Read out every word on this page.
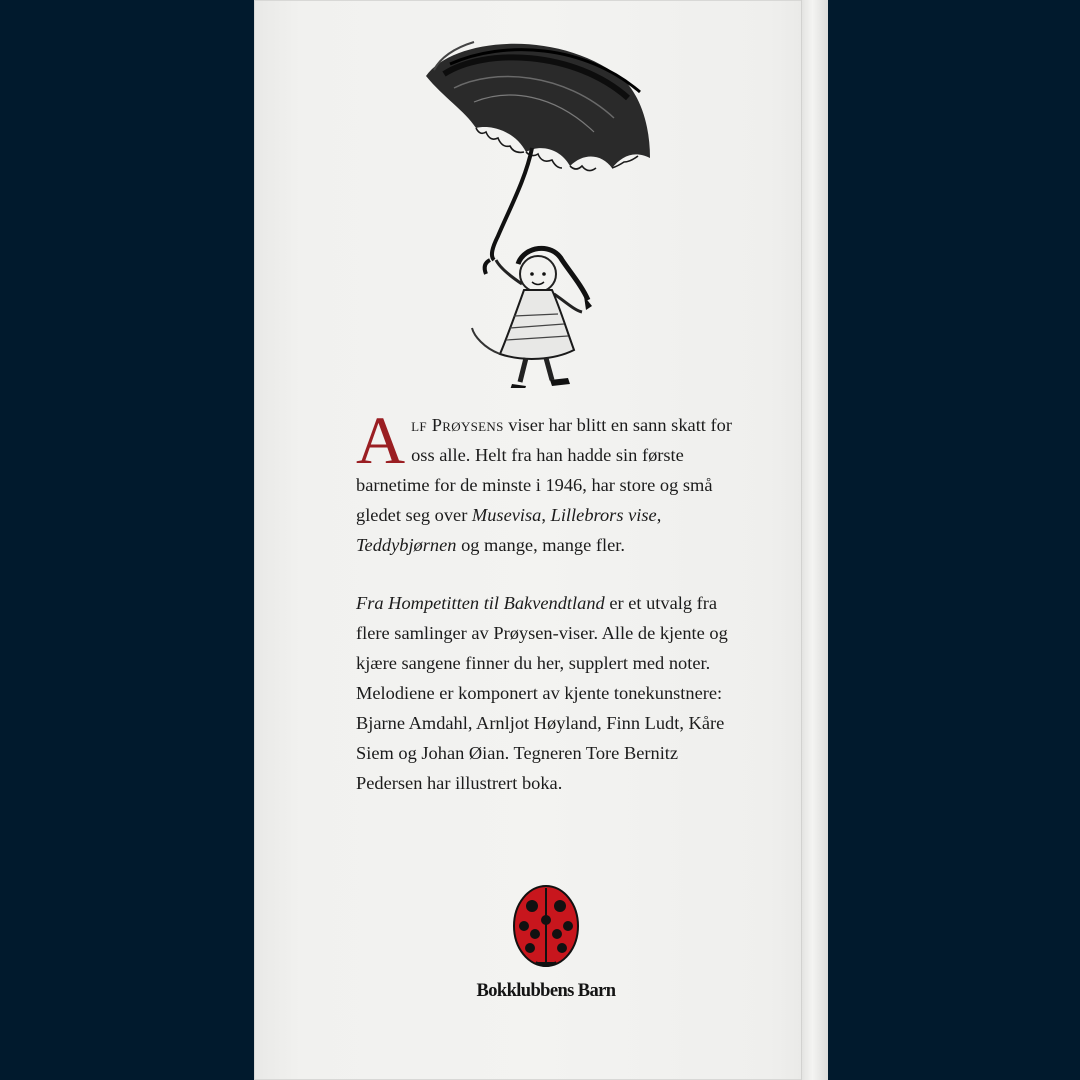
Alf Prøysens viser har blitt en sann skatt for oss alle. Helt fra han hadde sin første barnetime for de minste i 1946, har store og små gledet seg over Musevisa, Lillebrors vise, Teddybjørnen og mange, mange fler.

Fra Hompetitten til Bakvendtland er et utvalg fra flere samlinger av Prøysen-viser. Alle de kjente og kjære sangene finner du her, supplert med noter. Melodiene er komponert av kjente tonekunstnere: Bjarne Amdahl, Arnljot Høyland, Finn Ludt, Kåre Siem og Johan Øian. Tegneren Tore Bernitz Pedersen har illustrert boka.

Bokklubbens Barn
